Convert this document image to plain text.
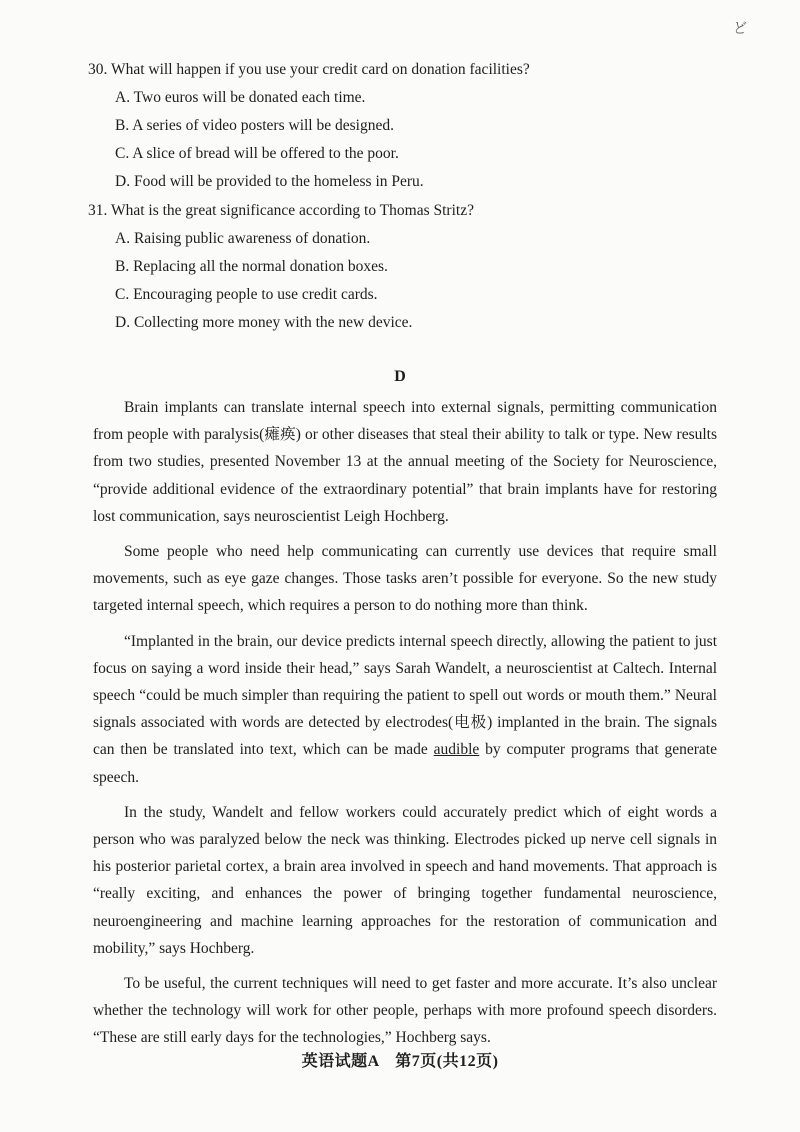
ど
30. What will happen if you use your credit card on donation facilities?
A. Two euros will be donated each time.
B. A series of video posters will be designed.
C. A slice of bread will be offered to the poor.
D. Food will be provided to the homeless in Peru.
31. What is the great significance according to Thomas Stritz?
A. Raising public awareness of donation.
B. Replacing all the normal donation boxes.
C. Encouraging people to use credit cards.
D. Collecting more money with the new device.
D

Brain implants can translate internal speech into external signals, permitting communication from people with paralysis(瘫痪) or other diseases that steal their ability to talk or type. New results from two studies, presented November 13 at the annual meeting of the Society for Neuroscience, “provide additional evidence of the extraordinary potential” that brain implants have for restoring lost communication, says neuroscientist Leigh Hochberg.

Some people who need help communicating can currently use devices that require small movements, such as eye gaze changes. Those tasks aren’t possible for everyone. So the new study targeted internal speech, which requires a person to do nothing more than think.

“Implanted in the brain, our device predicts internal speech directly, allowing the patient to just focus on saying a word inside their head,” says Sarah Wandelt, a neuroscientist at Caltech. Internal speech “could be much simpler than requiring the patient to spell out words or mouth them.” Neural signals associated with words are detected by electrodes(电极) implanted in the brain. The signals can then be translated into text, which can be made audible by computer programs that generate speech.

In the study, Wandelt and fellow workers could accurately predict which of eight words a person who was paralyzed below the neck was thinking. Electrodes picked up nerve cell signals in his posterior parietal cortex, a brain area involved in speech and hand movements. That approach is “really exciting, and enhances the power of bringing together fundamental neuroscience, neuroengineering and machine learning approaches for the restoration of communication and mobility,” says Hochberg.

To be useful, the current techniques will need to get faster and more accurate. It’s also unclear whether the technology will work for other people, perhaps with more profound speech disorders. “These are still early days for the technologies,” Hochberg says.

英语试题A　第7页(共12页)
